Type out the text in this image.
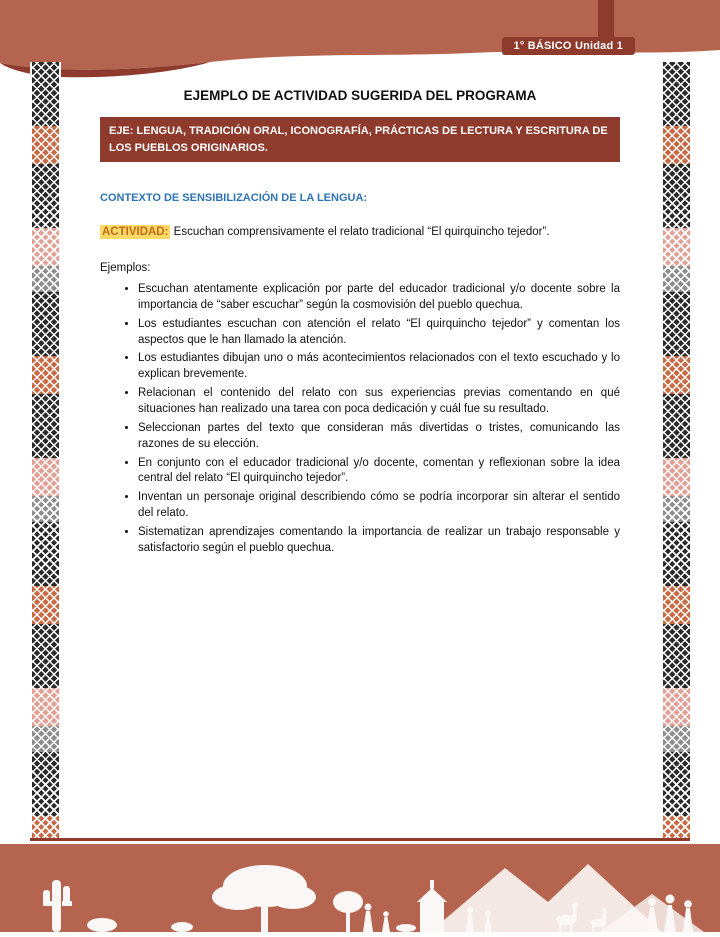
1° BÁSICO Unidad 1
EJEMPLO DE ACTIVIDAD SUGERIDA DEL PROGRAMA
EJE: LENGUA, TRADICIÓN ORAL, ICONOGRAFÍA, PRÁCTICAS DE LECTURA Y ESCRITURA DE LOS PUEBLOS ORIGINARIOS.
CONTEXTO DE SENSIBILIZACIÓN DE LA LENGUA:
ACTIVIDAD: Escuchan comprensivamente el relato tradicional “El quirquincho tejedor”.
Ejemplos:
• Escuchan atentamente explicación por parte del educador tradicional y/o docente sobre la importancia de “saber escuchar” según la cosmovisión del pueblo quechua.
• Los estudiantes escuchan con atención el relato “El quirquincho tejedor” y comentan los aspectos que le han llamado la atención.
• Los estudiantes dibujan uno o más acontecimientos relacionados con el texto escuchado y lo explican brevemente.
• Relacionan el contenido del relato con sus experiencias previas comentando en qué situaciones han realizado una tarea con poca dedicación y cuál fue su resultado.
• Seleccionan partes del texto que consideran más divertidas o tristes, comunicando las razones de su elección.
• En conjunto con el educador tradicional y/o docente, comentan y reflexionan sobre la idea central del relato “El quirquincho tejedor”.
• Inventan un personaje original describiendo cómo se podría incorporar sin alterar el sentido del relato.
• Sistematizan aprendizajes comentando la importancia de realizar un trabajo responsable y satisfactorio según el pueblo quechua.
